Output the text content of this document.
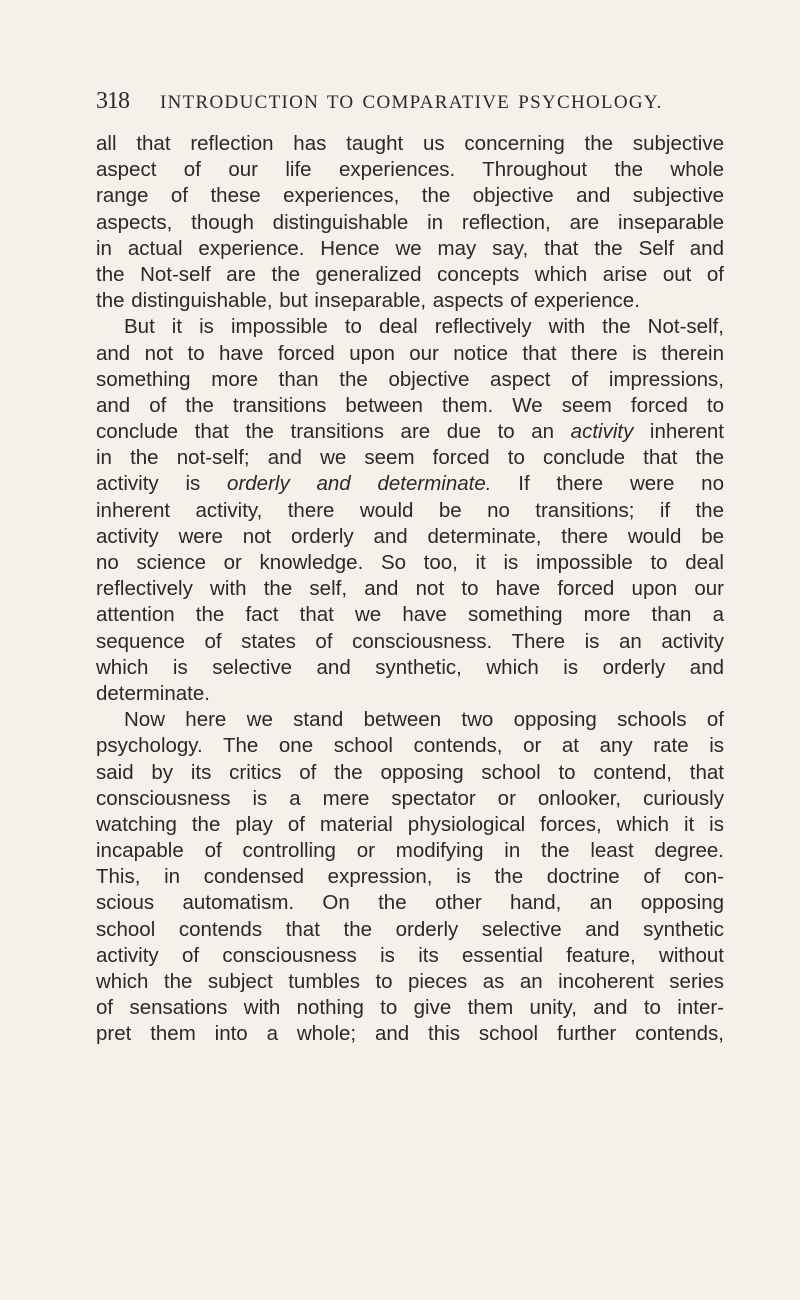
318	INTRODUCTION TO COMPARATIVE PSYCHOLOGY.
all that reflection has taught us concerning the subjective
aspect of our life experiences. Throughout the whole
range of these experiences, the objective and subjective
aspects, though distinguishable in reflection, are inseparable
in actual experience. Hence we may say, that the Self and
the Not-self are the generalized concepts which arise out of
the distinguishable, but inseparable, aspects of experience.
But it is impossible to deal reflectively with the Not-self,
and not to have forced upon our notice that there is therein
something more than the objective aspect of impressions,
and of the transitions between them. We seem forced to
conclude that the transitions are due to an activity inherent
in the not-self; and we seem forced to conclude that the
activity is orderly and determinate. If there were no
inherent activity, there would be no transitions; if the
activity were not orderly and determinate, there would be
no science or knowledge. So too, it is impossible to deal
reflectively with the self, and not to have forced upon our
attention the fact that we have something more than a
sequence of states of consciousness. There is an activity
which is selective and synthetic, which is orderly and
determinate.
Now here we stand between two opposing schools of
psychology. The one school contends, or at any rate is
said by its critics of the opposing school to contend, that
consciousness is a mere spectator or onlooker, curiously
watching the play of material physiological forces, which it is
incapable of controlling or modifying in the least degree.
This, in condensed expression, is the doctrine of con-
scious automatism. On the other hand, an opposing
school contends that the orderly selective and synthetic
activity of consciousness is its essential feature, without
which the subject tumbles to pieces as an incoherent series
of sensations with nothing to give them unity, and to inter-
pret them into a whole; and this school further contends,
